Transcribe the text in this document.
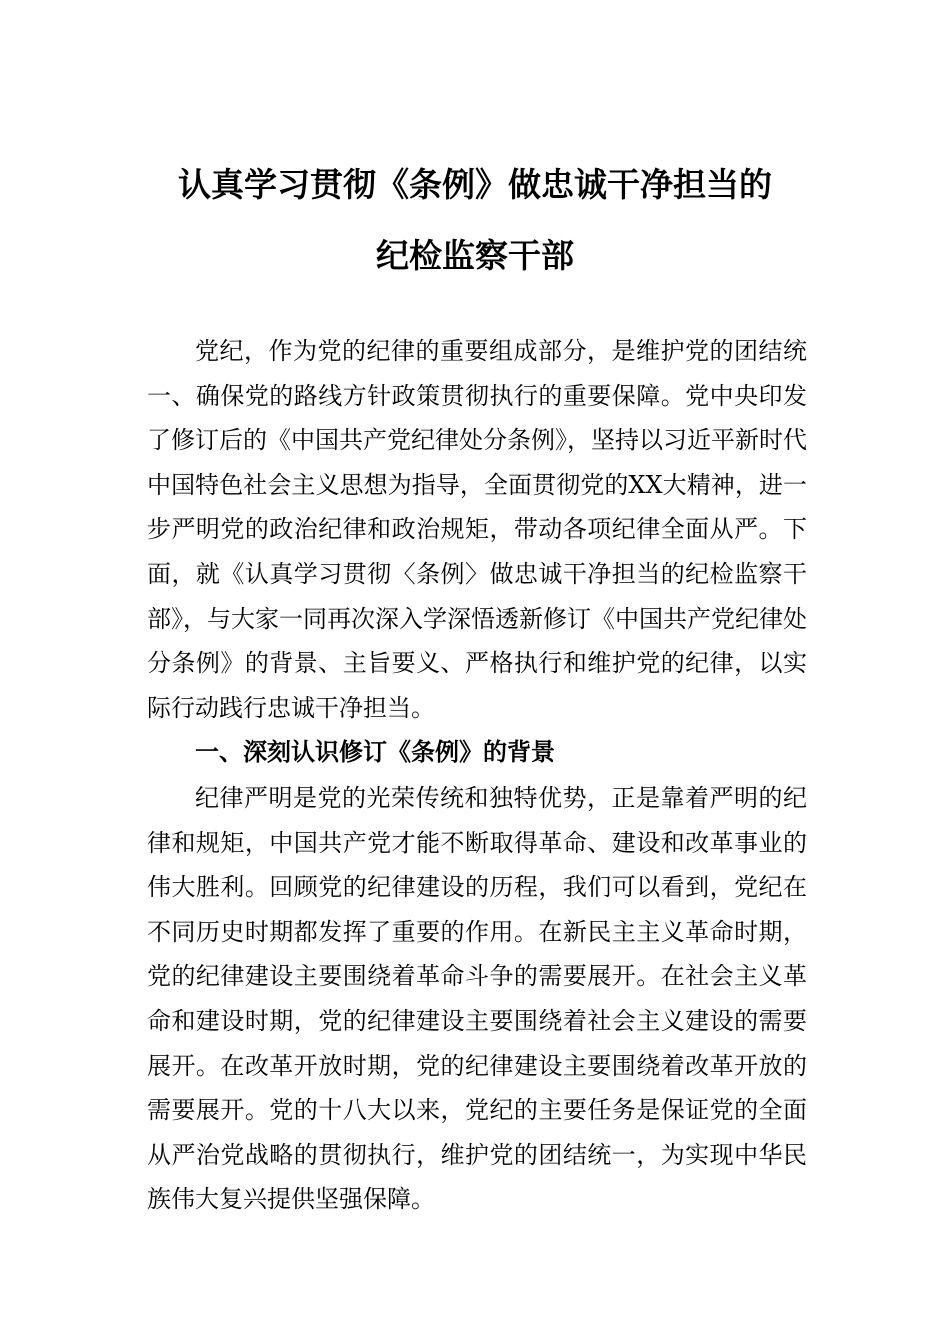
认真学习贯彻《条例》做忠诚干净担当的
纪检监察干部

党纪，作为党的纪律的重要组成部分，是维护党的团结统一、确保党的路线方针政策贯彻执行的重要保障。党中央印发了修订后的《中国共产党纪律处分条例》，坚持以习近平新时代中国特色社会主义思想为指导，全面贯彻党的XX大精神，进一步严明党的政治纪律和政治规矩，带动各项纪律全面从严。下面，就《认真学习贯彻〈条例〉做忠诚干净担当的纪检监察干部》，与大家一同再次深入学深悟透新修订《中国共产党纪律处分条例》的背景、主旨要义、严格执行和维护党的纪律，以实际行动践行忠诚干净担当。

一、深刻认识修订《条例》的背景

纪律严明是党的光荣传统和独特优势，正是靠着严明的纪律和规矩，中国共产党才能不断取得革命、建设和改革事业的伟大胜利。回顾党的纪律建设的历程，我们可以看到，党纪在不同历史时期都发挥了重要的作用。在新民主主义革命时期，党的纪律建设主要围绕着革命斗争的需要展开。在社会主义革命和建设时期，党的纪律建设主要围绕着社会主义建设的需要展开。在改革开放时期，党的纪律建设主要围绕着改革开放的需要展开。党的十八大以来，党纪的主要任务是保证党的全面从严治党战略的贯彻执行，维护党的团结统一，为实现中华民族伟大复兴提供坚强保障。
